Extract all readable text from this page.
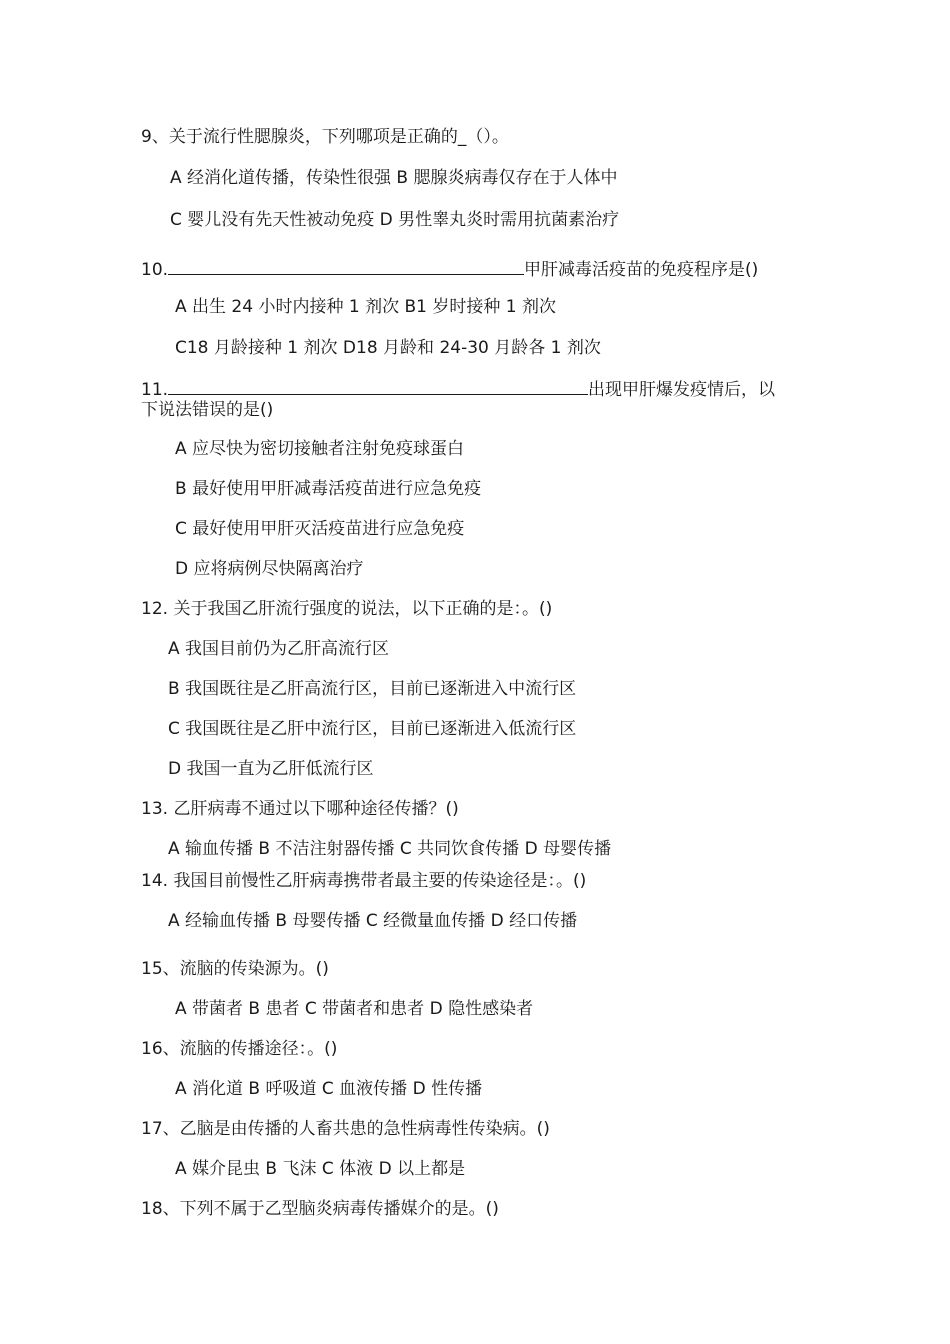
9、关于流行性腮腺炎，下列哪项是正确的_（）。

A 经消化道传播，传染性很强 B 腮腺炎病毒仅存在于人体中

C 婴儿没有先天性被动免疫 D 男性睾丸炎时需用抗菌素治疗

10.	甲肝减毒活疫苗的免疫程序是()

A 出生 24 小时内接种 1 剂次 B1 岁时接种 1 剂次

C18 月龄接种 1 剂次 D18 月龄和 24-30 月龄各 1 剂次

11.	出现甲肝爆发疫情后，以

下说法错误的是()

A 应尽快为密切接触者注射免疫球蛋白

B 最好使用甲肝减毒活疫苗进行应急免疫

C 最好使用甲肝灭活疫苗进行应急免疫

D 应将病例尽快隔离治疗

12. 关于我国乙肝流行强度的说法，以下正确的是：。()

A 我国目前仍为乙肝高流行区

B 我国既往是乙肝高流行区，目前已逐渐进入中流行区

C 我国既往是乙肝中流行区，目前已逐渐进入低流行区

D 我国一直为乙肝低流行区

13. 乙肝病毒不通过以下哪种途径传播？()

A 输血传播 B 不洁注射器传播 C 共同饮食传播 D 母婴传播

14. 我国目前慢性乙肝病毒携带者最主要的传染途径是：。()

A 经输血传播 B 母婴传播 C 经微量血传播 D 经口传播

15、流脑的传染源为。()

A 带菌者 B 患者 C 带菌者和患者 D 隐性感染者

16、流脑的传播途径：。()

A 消化道 B 呼吸道 C 血液传播 D 性传播

17、乙脑是由传播的人畜共患的急性病毒性传染病。()

A 媒介昆虫 B 飞沫 C 体液 D 以上都是

18、下列不属于乙型脑炎病毒传播媒介的是。()
